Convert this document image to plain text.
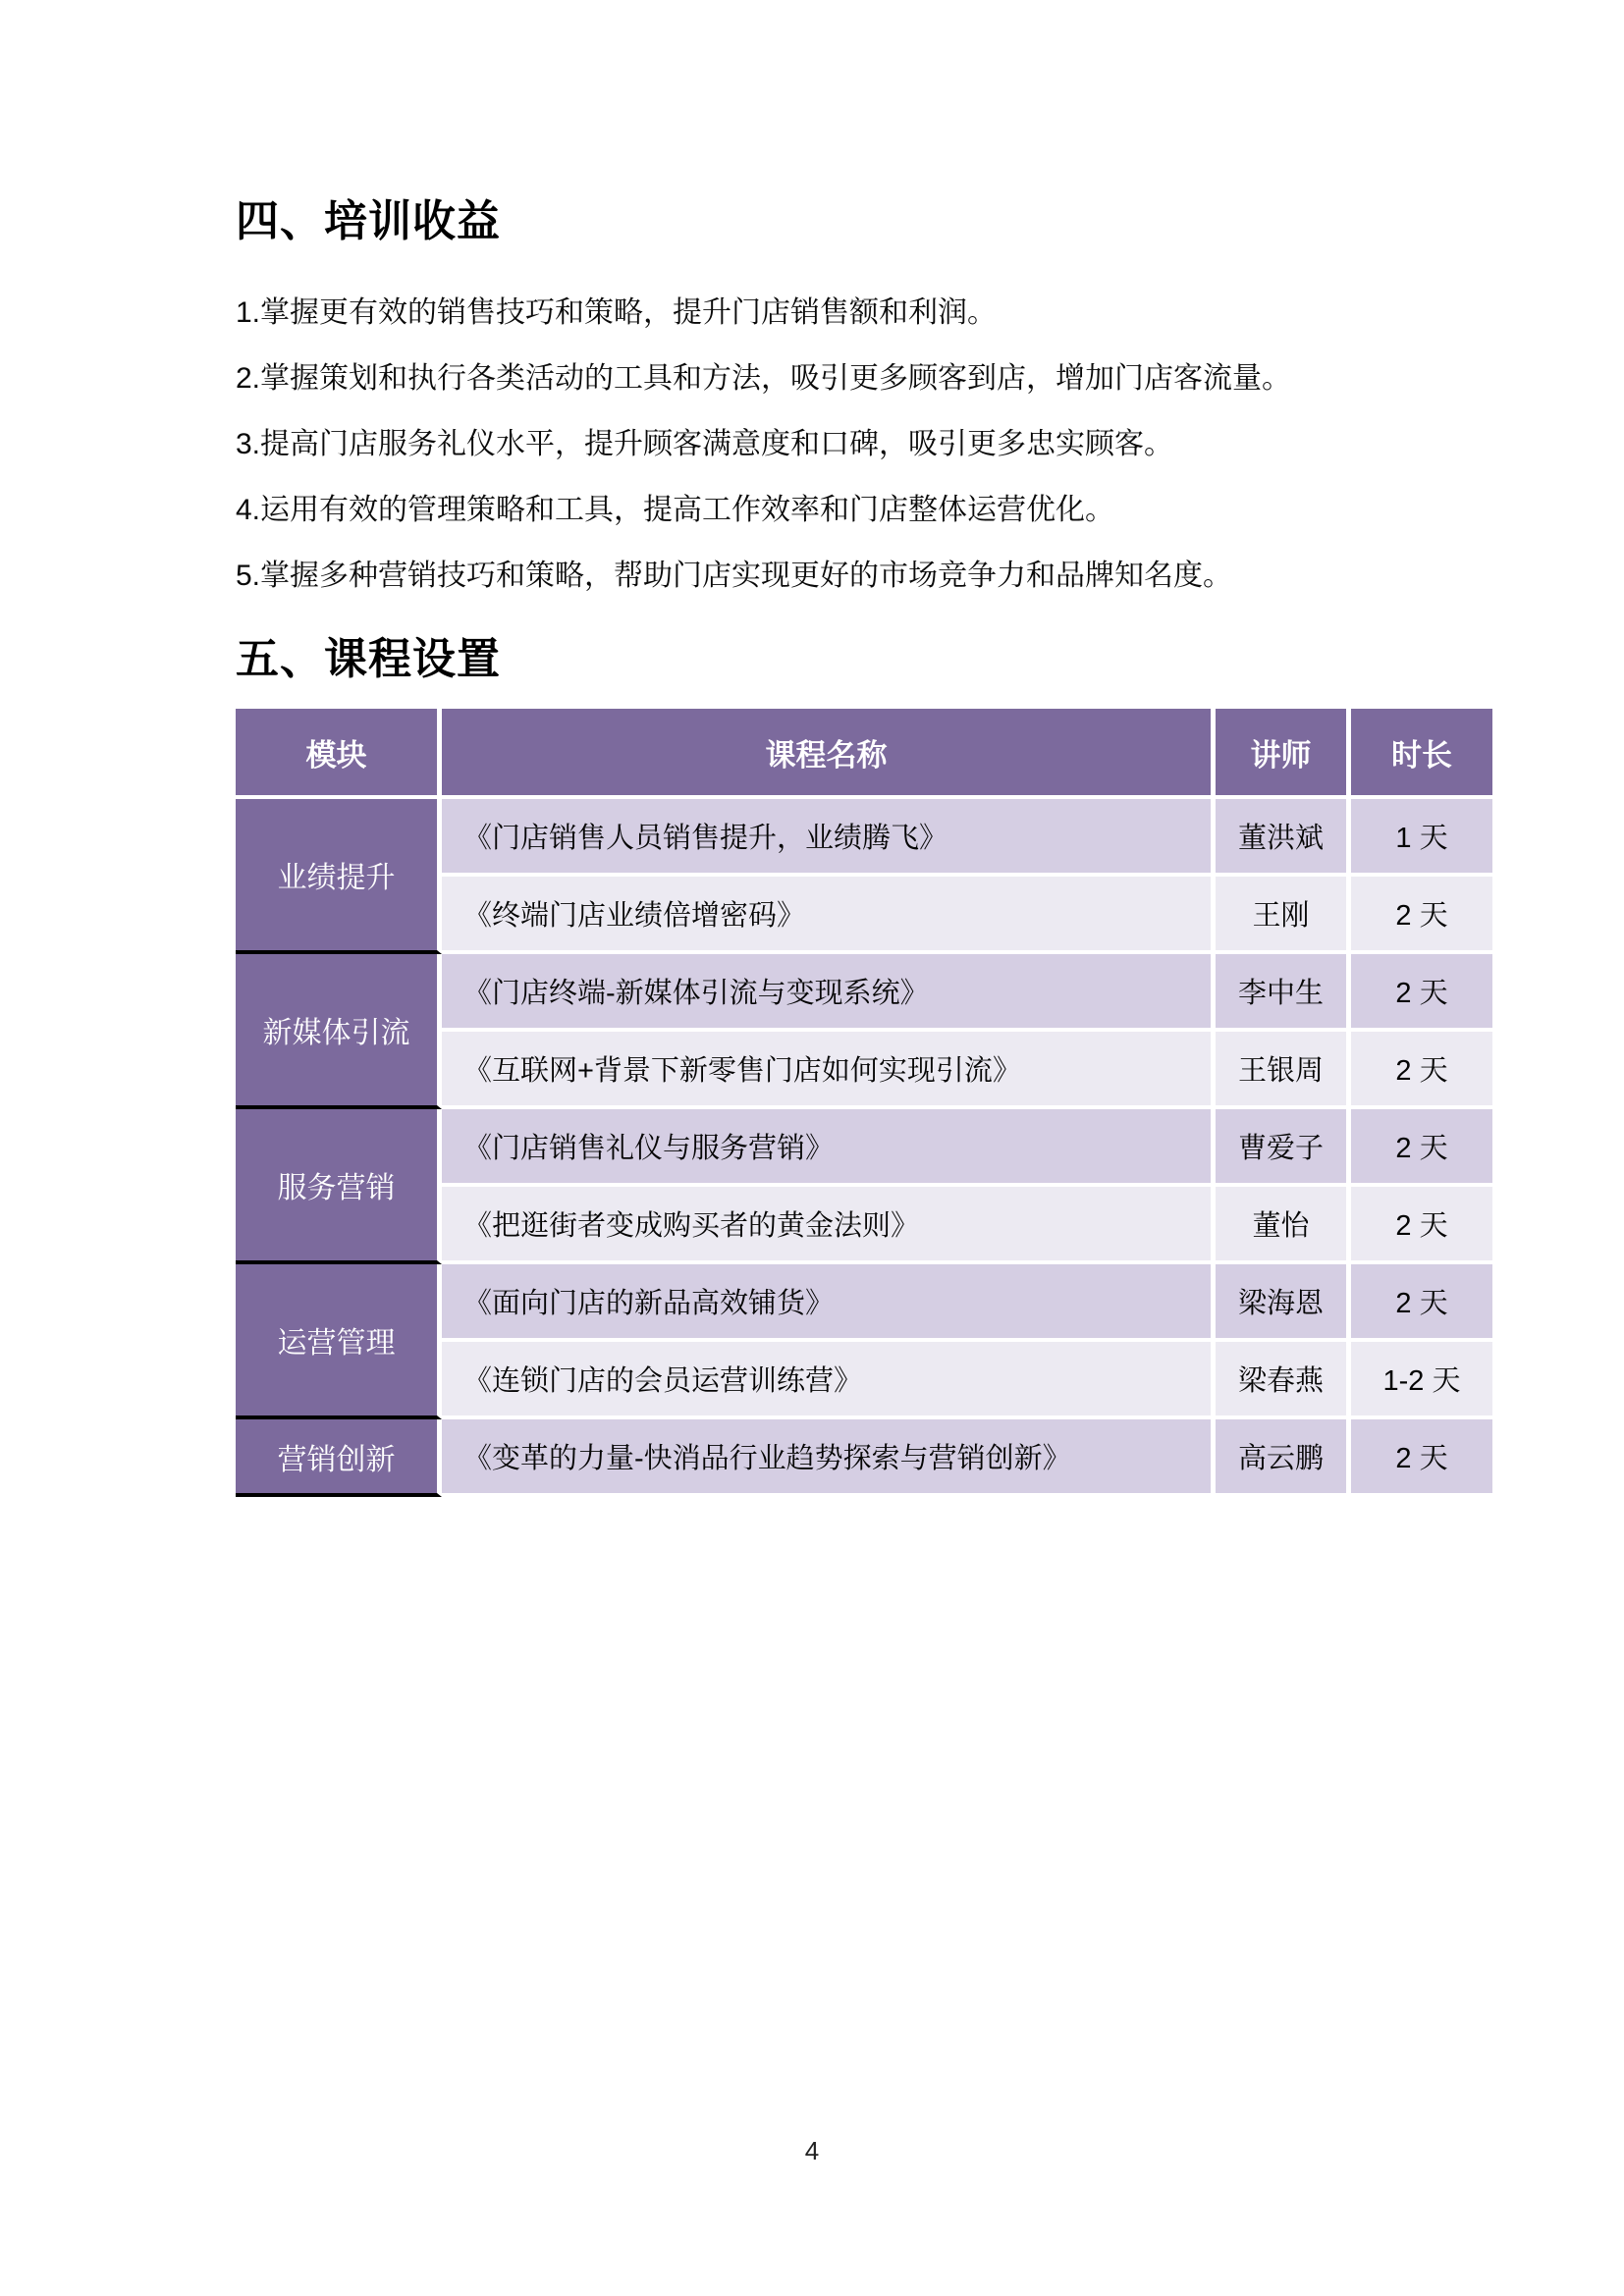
四、培训收益
1.掌握更有效的销售技巧和策略，提升门店销售额和利润。
2.掌握策划和执行各类活动的工具和方法，吸引更多顾客到店，增加门店客流量。
3.提高门店服务礼仪水平，提升顾客满意度和口碑，吸引更多忠实顾客。
4.运用有效的管理策略和工具，提高工作效率和门店整体运营优化。
5.掌握多种营销技巧和策略，帮助门店实现更好的市场竞争力和品牌知名度。
五、课程设置
模块	课程名称	讲师	时长
业绩提升	《门店销售人员销售提升，业绩腾飞》	董洪斌	1 天
	《终端门店业绩倍增密码》	王刚	2 天
新媒体引流	《门店终端-新媒体引流与变现系统》	李中生	2 天
	《互联网+背景下新零售门店如何实现引流》	王银周	2 天
服务营销	《门店销售礼仪与服务营销》	曹爱子	2 天
	《把逛街者变成购买者的黄金法则》	董怡	2 天
运营管理	《面向门店的新品高效铺货》	梁海恩	2 天
	《连锁门店的会员运营训练营》	梁春燕	1-2 天
营销创新	《变革的力量-快消品行业趋势探索与营销创新》	高云鹏	2 天
4
